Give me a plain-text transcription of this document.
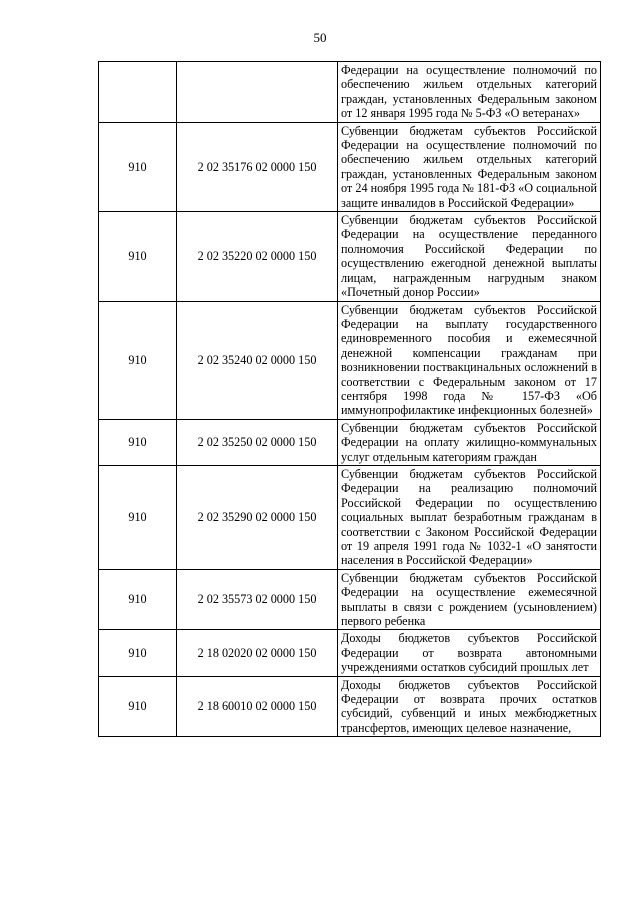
50
		Федерации на осуществление полномочий по обеспечению жильем отдельных категорий граждан, установленных Федеральным законом от 12 января 1995 года № 5-ФЗ «О ветеранах»
910	2 02 35176 02 0000 150	Субвенции бюджетам субъектов Российской Федерации на осуществление полномочий по обеспечению жильем отдельных категорий граждан, установленных Федеральным законом от 24 ноября 1995 года № 181-ФЗ «О социальной защите инвалидов в Российской Федерации»
910	2 02 35220 02 0000 150	Субвенции бюджетам субъектов Российской Федерации на осуществление переданного полномочия Российской Федерации по осуществлению ежегодной денежной выплаты лицам, награжденным нагрудным знаком «Почетный донор России»
910	2 02 35240 02 0000 150	Субвенции бюджетам субъектов Российской Федерации на выплату государственного единовременного пособия и ежемесячной денежной компенсации гражданам при возникновении поствакцинальных осложнений в соответствии с Федеральным законом от 17 сентября 1998 года № 157-ФЗ «Об иммунопрофилактике инфекционных болезней»
910	2 02 35250 02 0000 150	Субвенции бюджетам субъектов Российской Федерации на оплату жилищно-коммунальных услуг отдельным категориям граждан
910	2 02 35290 02 0000 150	Субвенции бюджетам субъектов Российской Федерации на реализацию полномочий Российской Федерации по осуществлению социальных выплат безработным гражданам в соответствии с Законом Российской Федерации от 19 апреля 1991 года № 1032-1 «О занятости населения в Российской Федерации»
910	2 02 35573 02 0000 150	Субвенции бюджетам субъектов Российской Федерации на осуществление ежемесячной выплаты в связи с рождением (усыновлением) первого ребенка
910	2 18 02020 02 0000 150	Доходы бюджетов субъектов Российской Федерации от возврата автономными учреждениями остатков субсидий прошлых лет
910	2 18 60010 02 0000 150	Доходы бюджетов субъектов Российской Федерации от возврата прочих остатков субсидий, субвенций и иных межбюджетных трансфертов, имеющих целевое назначение,
